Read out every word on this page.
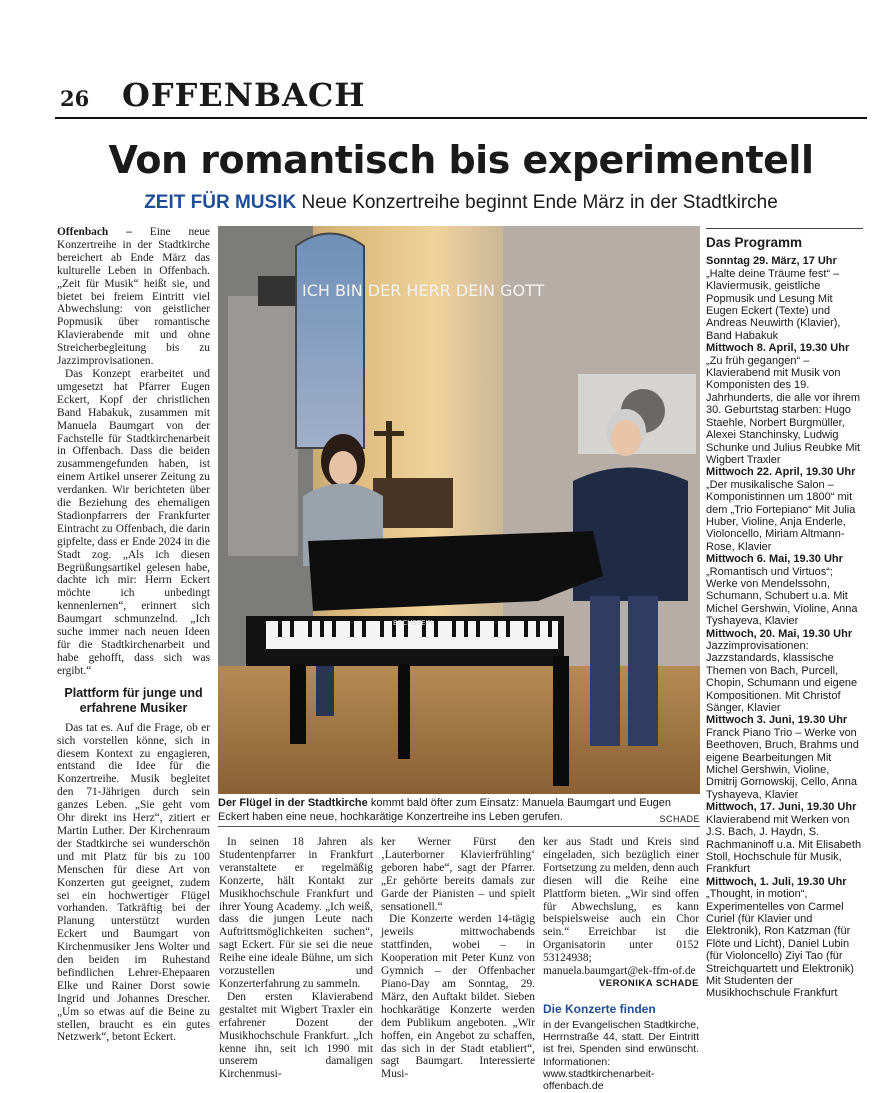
26 OFFENBACH
Von romantisch bis experimentell
ZEIT FÜR MUSIK Neue Konzertreihe beginnt Ende März in der Stadtkirche

Offenbach – Eine neue Konzertreihe in der Stadtkirche bereichert ab Ende März das kulturelle Leben in Offenbach. „Zeit für Musik“ heißt sie, und bietet bei freiem Eintritt viel Abwechslung: von geistlicher Popmusik über romantische Klavierabende mit und ohne Streicherbegleitung bis zu Jazzimprovisationen.

Das Konzept erarbeitet und umgesetzt hat Pfarrer Eugen Eckert, Kopf der christlichen Band Habakuk, zusammen mit Manuela Baumgart von der Fachstelle für Stadtkirchenarbeit in Offenbach. Dass die beiden zusammengefunden haben, ist einem Artikel unserer Zeitung zu verdanken. Wir berichteten über die Beziehung des ehemaligen Stadionpfarrers der Frankfurter Eintracht zu Offenbach, die darin gipfelte, dass er Ende 2024 in die Stadt zog. „Als ich diesen Begrüßungsartikel gelesen habe, dachte ich mir: Herrn Eckert möchte ich unbedingt kennenlernen“, erinnert sich Baumgart schmunzelnd. „Ich suche immer nach neuen Ideen für die Stadtkirchenarbeit und habe gehofft, dass sich was ergibt.“

Plattform für junge und erfahrene Musiker

Das tat es. Auf die Frage, ob er sich vorstellen könne, sich in diesem Kontext zu engagieren, entstand die Idee für die Konzertreihe. Musik begleitet den 71-Jährigen durch sein ganzes Leben. „Sie geht vom Ohr direkt ins Herz“, zitiert er Martin Luther. Der Kirchenraum der Stadtkirche sei wunderschön und mit Platz für bis zu 100 Menschen für diese Art von Konzerten gut geeignet, zudem sei ein hochwertiger Flügel vorhanden. Tatkräftig bei der Planung unterstützt wurden Eckert und Baumgart von Kirchenmusiker Jens Wolter und den beiden im Ruhestand befindlichen Lehrer-Ehepaaren Elke und Rainer Dorst sowie Ingrid und Johannes Drescher. „Um so etwas auf die Beine zu stellen, braucht es ein gutes Netzwerk“, betont Eckert.

ICH BIN DER HERR DEIN GOTT
BECHSTEIN
Der Flügel in der Stadtkirche kommt bald öfter zum Einsatz: Manuela Baumgart und Eugen Eckert haben eine neue, hochkarätige Konzertreihe ins Leben gerufen.	SCHADE

In seinen 18 Jahren als Studentenpfarrer in Frankfurt veranstaltete er regelmäßig Konzerte, hält Kontakt zur Musikhochschule Frankfurt und ihrer Young Academy. „Ich weiß, dass die jungen Leute nach Auftrittsmöglichkeiten suchen“, sagt Eckert. Für sie sei die neue Reihe eine ideale Bühne, um sich vorzustellen und Konzerterfahrung zu sammeln.

Den ersten Klavierabend gestaltet mit Wigbert Traxler ein erfahrener Dozent der Musikhochschule Frankfurt. „Ich kenne ihn, seit ich 1990 mit unserem damaligen Kirchenmusi-

ker Werner Fürst den ‚Lauterborner Klavierfrühling‘ geboren habe“, sagt der Pfarrer. „Er gehörte bereits damals zur Garde der Pianisten – und spielt sensationell.“

Die Konzerte werden 14-tägig jeweils mittwochabends stattfinden, wobei – in Kooperation mit Peter Kunz von Gymnich – der Offenbacher Piano-Day am Sonntag, 29. März, den Auftakt bildet. Sieben hochkarätige Konzerte werden dem Publikum angeboten. „Wir hoffen, ein Angebot zu schaffen, das sich in der Stadt etabliert“, sagt Baumgart. Interessierte Musi-

ker aus Stadt und Kreis sind eingeladen, sich bezüglich einer Fortsetzung zu melden, denn auch diesen will die Reihe eine Plattform bieten. „Wir sind offen für Abwechslung, es kann beispielsweise auch ein Chor sein.“ Erreichbar ist die Organisatorin unter 0152 53124938; manuela.baumgart@ek-ffm-of.de

VERONIKA SCHADE
Die Konzerte finden
in der Evangelischen Stadtkirche, Herrnstraße 44, statt. Der Eintritt ist frei, Spenden sind erwünscht. Informationen: www.stadtkirchenarbeit-offenbach.de
Das Programm
Sonntag 29. März, 17 Uhr
„Halte deine Träume fest“ – Klaviermusik, geistliche Popmusik und Lesung Mit Eugen Eckert (Texte) und Andreas Neuwirth (Klavier), Band Habakuk
Mittwoch 8. April, 19.30 Uhr
„Zu früh gegangen“ – Klavierabend mit Musik von Komponisten des 19. Jahrhunderts, die alle vor ihrem 30. Geburtstag starben: Hugo Staehle, Norbert Burgmüller, Alexei Stanchinsky, Ludwig Schunke und Julius Reubke Mit Wigbert Traxler
Mittwoch 22. April, 19.30 Uhr
„Der musikalische Salon – Komponistinnen um 1800“ mit dem „Trio Fortepiano“ Mit Julia Huber, Violine, Anja Enderle, Violoncello, Miriam Altmann-Rose, Klavier
Mittwoch 6. Mai, 19.30 Uhr
„Romantisch und Virtuos“; Werke von Mendelssohn, Schumann, Schubert u.a. Mit Michel Gershwin, Violine, Anna Tyshayeva, Klavier
Mittwoch, 20. Mai, 19.30 Uhr
Jazzimprovisationen: Jazzstandards, klassische Themen von Bach, Purcell, Chopin, Schumann und eigene Kompositionen. Mit Christof Sänger, Klavier
Mittwoch 3. Juni, 19.30 Uhr
Franck Piano Trio – Werke von Beethoven, Bruch, Brahms und eigene Bearbeitungen Mit Michel Gershwin, Violine, Dmitrij Gornowskij, Cello, Anna Tyshayeva, Klavier
Mittwoch, 17. Juni, 19.30 Uhr
Klavierabend mit Werken von J.S. Bach, J. Haydn, S. Rachmaninoff u.a. Mit Elisabeth Stoll, Hochschule für Musik, Frankfurt
Mittwoch, 1. Juli, 19.30 Uhr
„Thought, in motion“, Experimentelles von Carmel Curiel (für Klavier und Elektronik), Ron Katzman (für Flöte und Licht), Daniel Lubin (für Violoncello) Ziyi Tao (für Streichquartett und Elektronik) Mit Studenten der Musikhochschule Frankfurt
